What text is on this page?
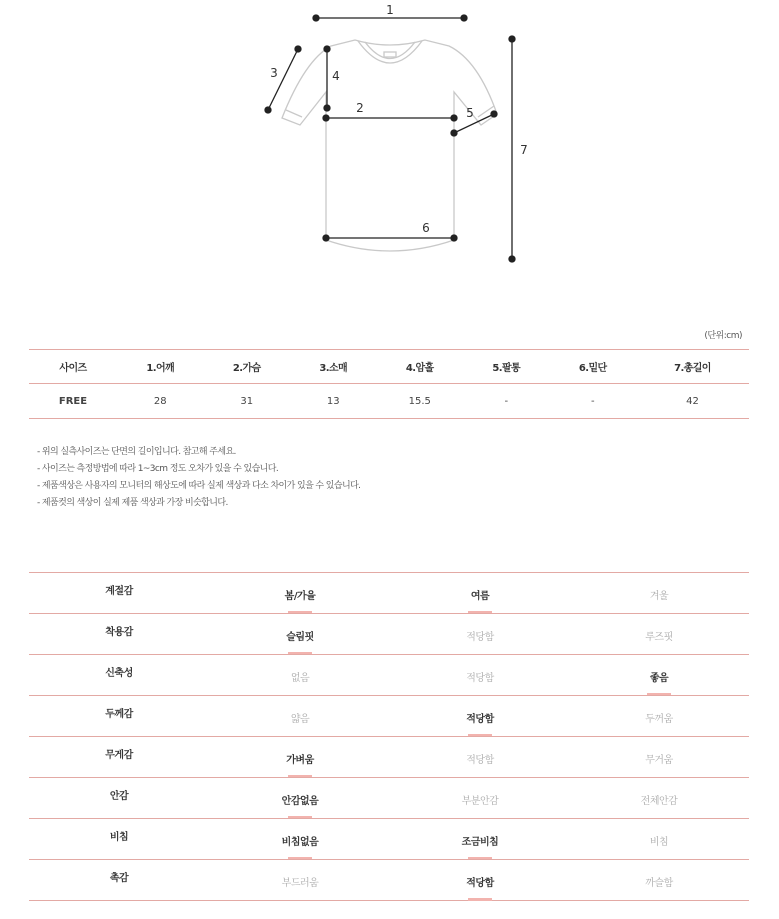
1
2
3	4
5
6
7
(단위:cm)
사이즈	1.어깨	2.가슴	3.소매	4.암홀	5.팔통	6.밑단	7.총길이
FREE	28	31	13	15.5	-	-	42
- 위의 실측사이즈는 단면의 길이입니다. 참고해 주세요.
- 사이즈는 측정방법에 따라 1~3cm 정도 오차가 있을 수 있습니다.
- 제품색상은 사용자의 모니터의 해상도에 따라 실제 색상과 다소 차이가 있을 수 있습니다.
- 제품컷의 색상이 실제 제품 색상과 가장 비슷합니다.
계절감	봄/가을	여름	겨울
착용감	슬림핏	적당함	루즈핏
신축성	없음	적당함	좋음
두께감	얇음	적당함	두꺼움
무게감	가벼움	적당함	무거움
안감	안감없음	부분안감	전체안감
비침	비침없음	조금비침	비침
촉감	부드러움	적당함	까슬함
